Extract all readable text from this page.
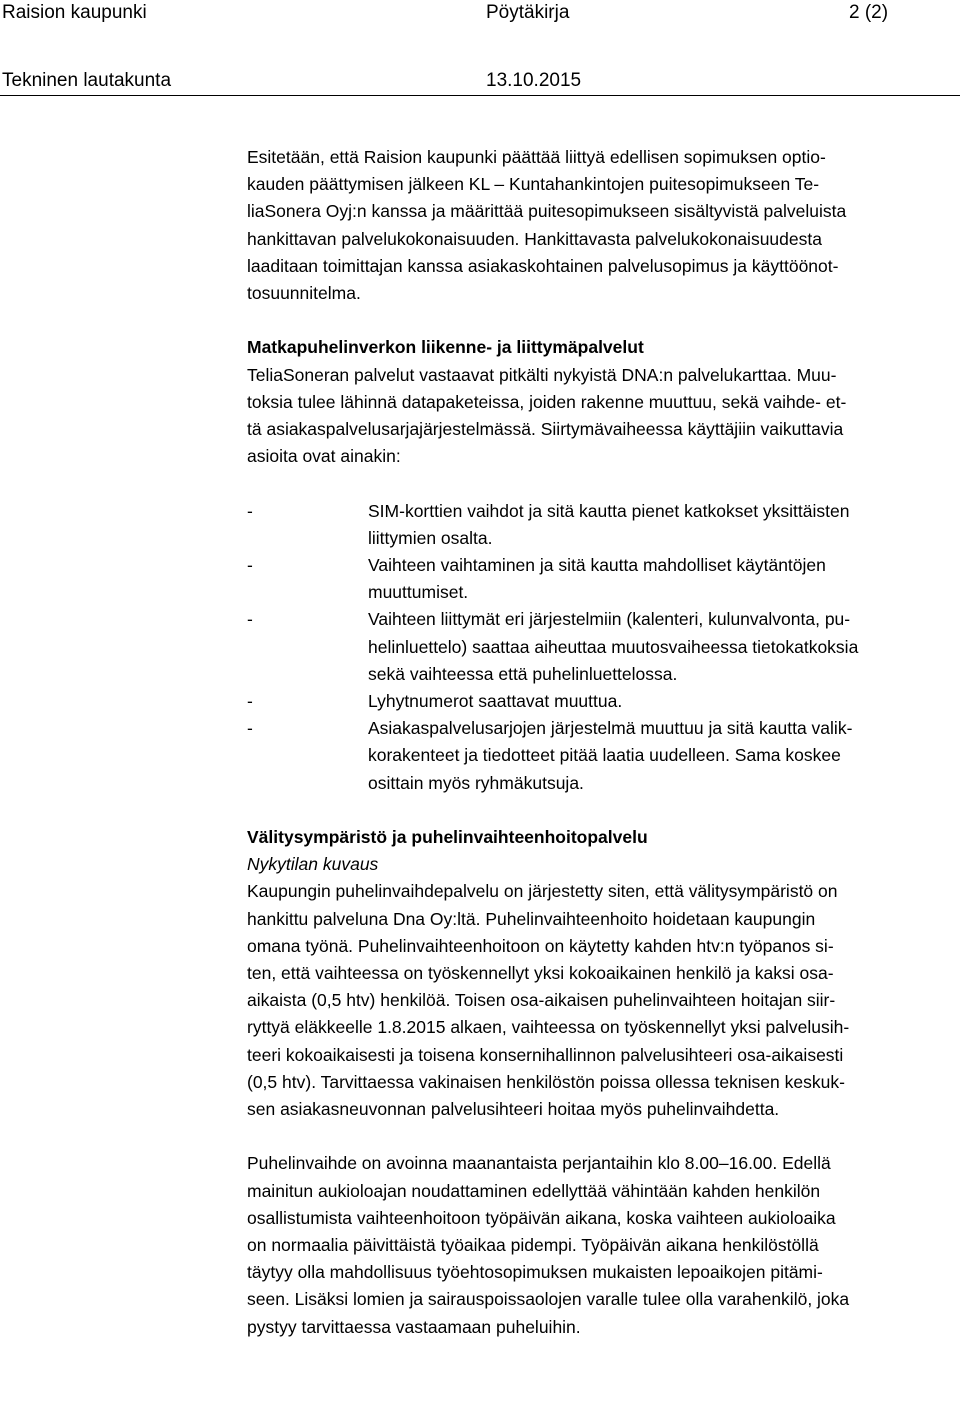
Raision kaupunki	Pöytäkirja	2 (2)
Tekninen lautakunta	13.10.2015

Esitetään, että Raision kaupunki päättää liittyä edellisen sopimuksen optio-

kauden päättymisen jälkeen KL – Kuntahankintojen puitesopimukseen Te-

liaSonera Oyj:n kanssa ja määrittää puitesopimukseen sisältyvistä palveluista

hankittavan palvelukokonaisuuden. Hankittavasta palvelukokonaisuudesta

laaditaan toimittajan kanssa asiakaskohtainen palvelusopimus ja käyttöönot-

tosuunnitelma.

Matkapuhelinverkon liikenne- ja liittymäpalvelut

TeliaSoneran palvelut vastaavat pitkälti nykyistä DNA:n palvelukarttaa. Muu-

toksia tulee lähinnä datapaketeissa, joiden rakenne muuttuu, sekä vaihde- et-

tä asiakaspalvelusarjajärjestelmässä. Siirtymävaiheessa käyttäjiin vaikuttavia

asioita ovat ainakin:

-	SIM-korttien vaihdot ja sitä kautta pienet katkokset yksittäisten

liittymien osalta.

-	Vaihteen vaihtaminen ja sitä kautta mahdolliset käytäntöjen

muuttumiset.

-	Vaihteen liittymät eri järjestelmiin (kalenteri, kulunvalvonta, pu-

helinluettelo) saattaa aiheuttaa muutosvaiheessa tietokatkoksia

sekä vaihteessa että puhelinluettelossa.

-	Lyhytnumerot saattavat muuttua.

-	Asiakaspalvelusarjojen järjestelmä muuttuu ja sitä kautta valik-

korakenteet ja tiedotteet pitää laatia uudelleen. Sama koskee

osittain myös ryhmäkutsuja.

Välitysympäristö ja puhelinvaihteenhoitopalvelu

Nykytilan kuvaus

Kaupungin puhelinvaihdepalvelu on järjestetty siten, että välitysympäristö on

hankittu palveluna Dna Oy:ltä. Puhelinvaihteenhoito hoidetaan kaupungin

omana työnä. Puhelinvaihteenhoitoon on käytetty kahden htv:n työpanos si-

ten, että vaihteessa on työskennellyt yksi kokoaikainen henkilö ja kaksi osa-

aikaista (0,5 htv) henkilöä. Toisen osa-aikaisen puhelinvaihteen hoitajan siir-

ryttyä eläkkeelle 1.8.2015 alkaen, vaihteessa on työskennellyt yksi palvelusih-

teeri kokoaikaisesti ja toisena konsernihallinnon palvelusihteeri osa-aikaisesti

(0,5 htv). Tarvittaessa vakinaisen henkilöstön poissa ollessa teknisen keskuk-

sen asiakasneuvonnan palvelusihteeri hoitaa myös puhelinvaihdetta.

Puhelinvaihde on avoinna maanantaista perjantaihin klo 8.00–16.00. Edellä

mainitun aukioloajan noudattaminen edellyttää vähintään kahden henkilön

osallistumista vaihteenhoitoon työpäivän aikana, koska vaihteen aukioloaika

on normaalia päivittäistä työaikaa pidempi. Työpäivän aikana henkilöstöllä

täytyy olla mahdollisuus työehtosopimuksen mukaisten lepoaikojen pitämi-

seen. Lisäksi lomien ja sairauspoissaolojen varalle tulee olla varahenkilö, joka

pystyy tarvittaessa vastaamaan puheluihin.
